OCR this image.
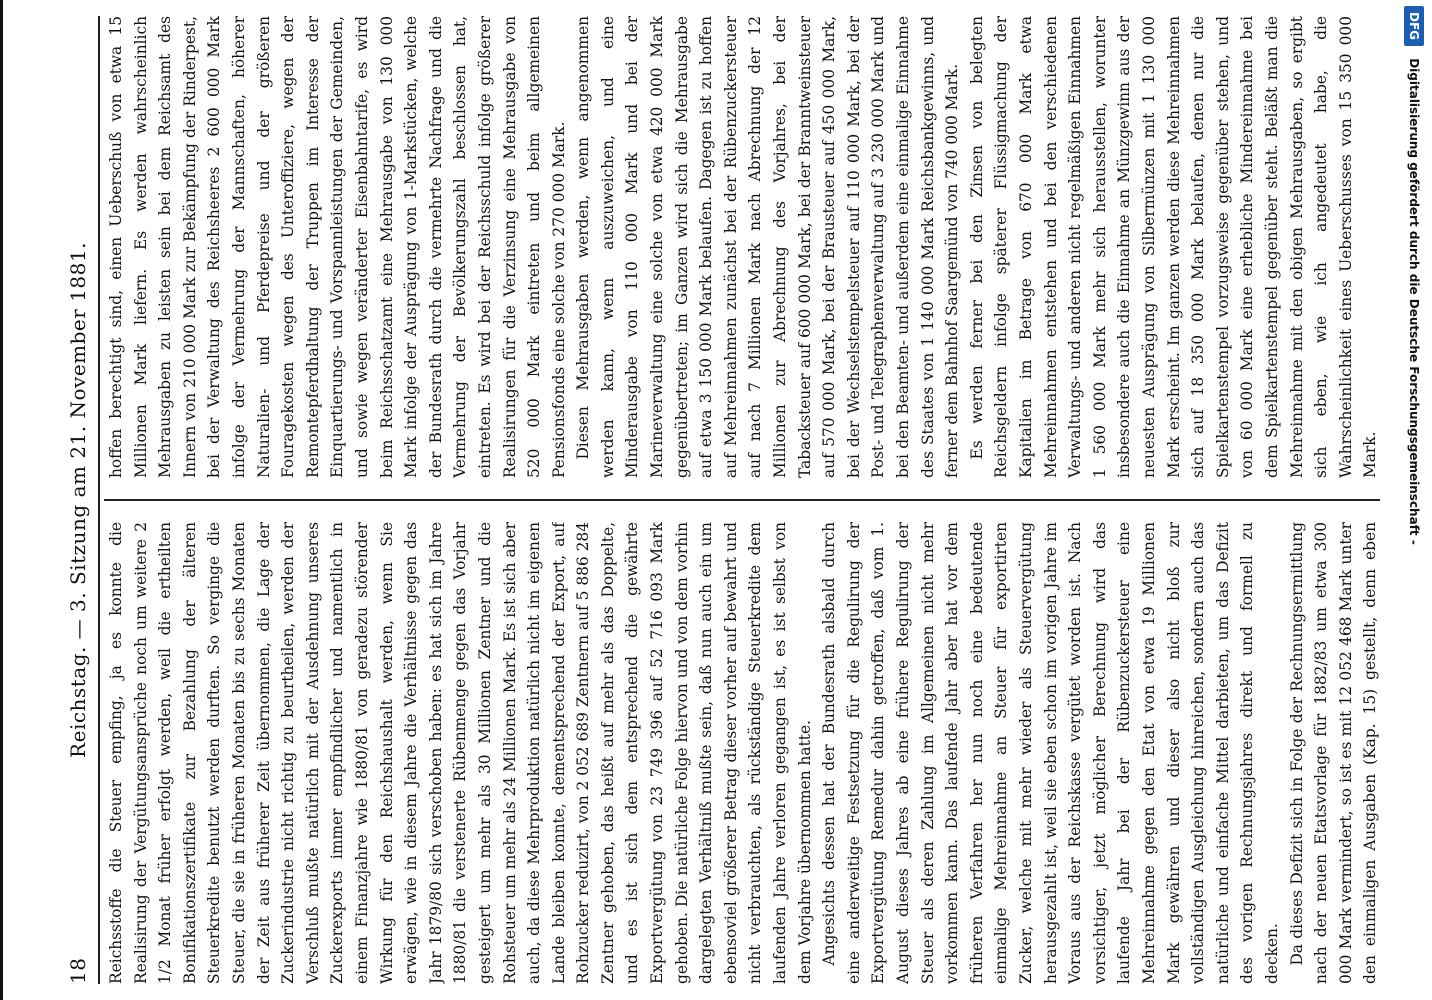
18
Reichstag. — 3. Sitzung am 21. November 1881. Reichsstoffe die Steuer empfing, ja es konnte die Realisirung der Vergütungsansprüche noch um weitere 2 1/2 Monat früher erfolgt werden, weil die ertheilten Bonifikationszertifikate zur Bezahlung der älteren Steuerkredite benutzt werden durften. So verginge die Steuer, die sie in früheren Monaten bis zu sechs Monaten der Zeit aus früherer Zeit übernommen, die Lage der Zuckerindustrie nicht richtig zu beurtheilen, werden der Verschluß mußte natürlich mit der Ausdehnung unseres Zuckerexports immer empfindlicher und namentlich in einem Finanzjahre wie 1880/81 von geradezu störender Wirkung für den Reichshaushalt werden, wenn Sie erwägen, wie in diesem Jahre die Verhältnisse gegen das Jahr 1879/80 sich verschoben haben: es hat sich im Jahre 1880/81 die verstenerte Rübenmenge gegen das Vorjahr gesteigert um mehr als 30 Millionen Zentner und die Rohsteuer um mehr als 24 Millionen Mark. Es ist sich aber auch, da diese Mehrproduktion natürlich nicht im eigenen Lande bleiben konnte, dementsprechend der Export, auf Rohzucker reduzirt, von 2 052 689 Zentnern auf 5 886 284 Zentner gehoben, das heißt auf mehr als das Doppelte, und es ist sich dem entsprechend die gewährte Exportvergütung von 23 749 396 auf 52 716 093 Mark gehoben. Die natürliche Folge hiervon und von dem vorhin dargelegten Verhältniß mußte sein, daß nun auch ein um ebensoviel größerer Betrag dieser vorher auf bewahrt und nicht verbrauchten, als rückständige Steuerkredite dem laufenden Jahre verloren gegangen ist, es ist selbst von dem Vorjahre übernommen hatte. Angesichts dessen hat der Bundesrath alsbald durch eine anderweitige Festsetzung für die Regulirung der Exportvergütung Remedur dahin getroffen, daß vom 1. August dieses Jahres ab eine frühere Regulirung der Steuer als deren Zahlung im Allgemeinen nicht mehr vorkommen kann. Das laufende Jahr aber hat vor dem früheren Verfahren her nun noch eine bedeutende einmalige Mehreinnahme an Steuer für exportirten Zucker, welche mit mehr wieder als Steuervergütung herausgezahlt ist, weil sie eben schon im vorigen Jahre im Voraus aus der Reichskasse vergütet worden ist. Nach vorsichtiger, jetzt möglicher Berechnung wird das laufende Jahr bei der Rübenzuckersteuer eine Mehreinnahme gegen den Etat von etwa 19 Millionen Mark gewähren und dieser also nicht bloß zur vollständigen Ausgleichung hinreichen, sondern auch das natürliche und einfache Mittel darbieten, um das Defizit des vorigen Rechnungsjahres direkt und formell zu decken. Da dieses Defizit sich in Folge der Rechnungsermittlung nach der neuen Etatsvorlage für 1882/83 um etwa 300 000 Mark vermindert, so ist es mit 12 052 468 Mark unter den einmaligen Ausgaben (Kap. 15) gestellt, denn eben

hoffen berechtigt sind, einen Ueberschuß von etwa 15 Millionen Mark liefern. Es werden wahrscheinlich Mehrausgaben zu leisten sein bei dem Reichsamt des Innern von 210 000 Mark zur Bekämpfung der Rinderpest, bei der Verwaltung des Reichsheeres 2 600 000 Mark infolge der Vermehrung der Mannschaften, höherer Naturalien- und Pferdepreise und der größeren Fouragekosten wegen des Unteroffiziere, wegen der Remontepferdhaltung der Truppen im Interesse der Einquartierungs- und Vorspannleistungen der Gemeinden, und sowie wegen veränderter Eisenbahntarife, es wird beim Reichsschatzamt eine Mehrausgabe von 130 000 Mark infolge der Ausprägung von 1-Markstücken, welche der Bundesrath durch die vermehrte Nachfrage und die Vermehrung der Bevölkerungszahl beschlossen hat, eintreten. Es wird bei der Reichsschuld infolge größerer Realisirungen für die Verzinsung eine Mehrausgabe von 520 000 Mark eintreten und beim allgemeinen Pensionsfonds eine solche von 270 000 Mark. Diesen Mehrausgaben werden, wenn angenommen werden kann, wenn auszuweichen, und eine Minderausgabe von 110 000 Mark und bei der Marineverwaltung eine solche von etwa 420 000 Mark gegenübertreten; im Ganzen wird sich die Mehrausgabe auf etwa 3 150 000 Mark belaufen. Dagegen ist zu hoffen auf Mehreinnahmen zunächst bei der Rübenzuckersteuer auf nach 7 Millionen Mark nach Abrechnung der 12 Millionen zur Abrechnung des Vorjahres, bei der Tabacksteuer auf 600 000 Mark, bei der Branntweinsteuer auf 570 000 Mark, bei der Brausteuer auf 450 000 Mark, bei der Wechselstempelsteuer auf 110 000 Mark, bei der Post- und Telegraphenverwaltung auf 3 230 000 Mark und bei den Beamten- und außerdem eine einmalige Einnahme des Staates von 1 140 000 Mark Reichsbankgewinns, und ferner dem Bahnhof Saargemünd von 740 000 Mark. Es werden ferner bei den Zinsen von belegten Reichsgeldern infolge späterer Flüssigmachung der Kapitalien im Betrage von 670 000 Mark etwa Mehreinnahmen entstehen und bei den verschiedenen Verwaltungs- und anderen nicht regelmäßigen Einnahmen 1 560 000 Mark mehr sich herausstellen, worunter insbesondere auch die Einnahme an Münzgewinn aus der neuesten Ausprägung von Silbermünzen mit 1 130 000 Mark erscheint. Im ganzen werden diese Mehreinnahmen sich auf 18 350 000 Mark belaufen, denen nur die Spielkartenstempel vorzugsweise gegenüber stehen, und von 60 000 Mark eine erhebliche Mindereinnahme bei dem Spielkartenstempel gegenüber steht. Beläßt man die Mehreinnahme mit den obigen Mehrausgaben, so ergibt sich eben, wie ich angedeutet habe, die Wahrscheinlichkeit eines Ueberschusses von 15 350 000 Mark.

DFG Digitalisierung gefördert durch die Deutsche Forschungsgemeinschaft -
